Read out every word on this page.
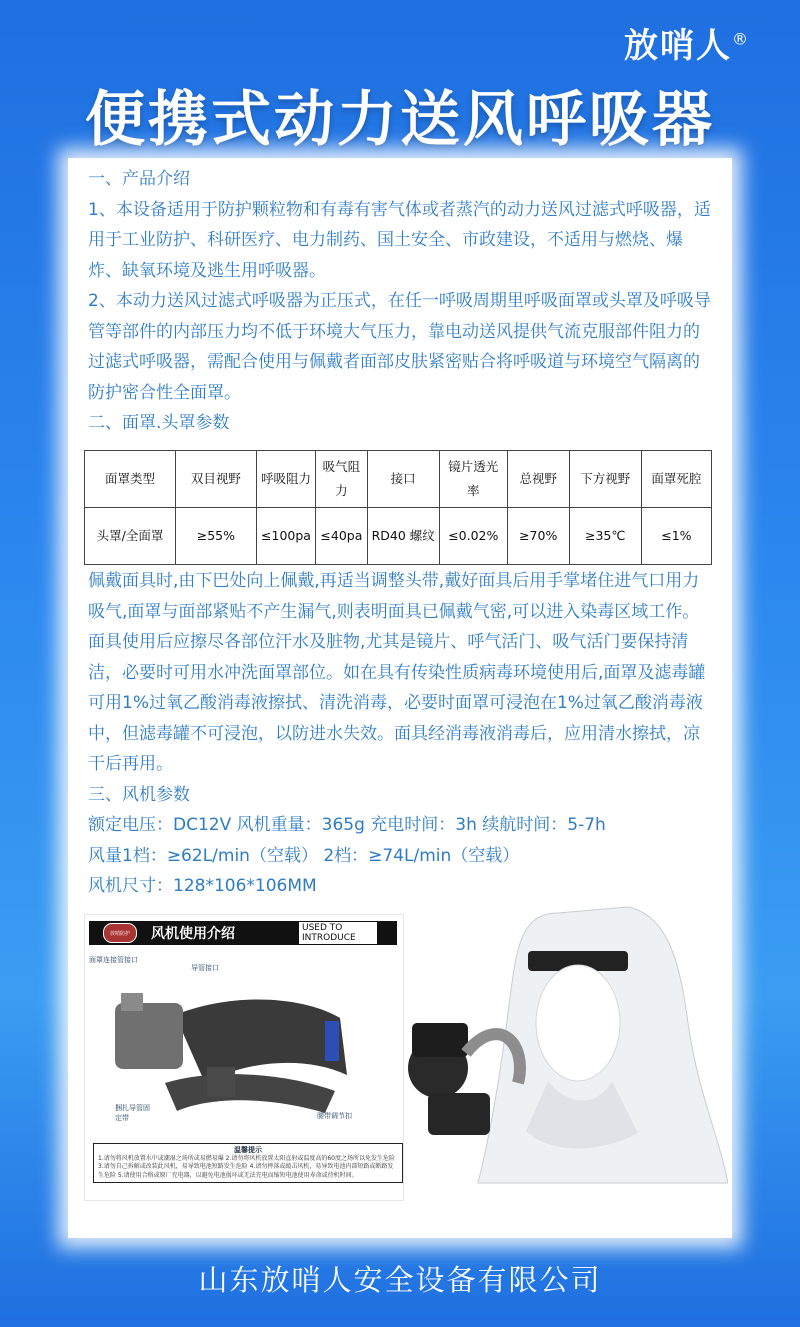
放哨人®
便携式动力送风呼吸器

一、产品介绍

1、本设备适用于防护颗粒物和有毒有害气体或者蒸汽的动力送风过滤式呼吸器，适用于工业防护、科研医疗、电力制药、国土安全、市政建设，不适用与燃烧、爆炸、缺氧环境及逃生用呼吸器。

2、本动力送风过滤式呼吸器为正压式，在任一呼吸周期里呼吸面罩或头罩及呼吸导管等部件的内部压力均不低于环境大气压力，靠电动送风提供气流克服部件阻力的过滤式呼吸器，需配合使用与佩戴者面部皮肤紧密贴合将呼吸道与环境空气隔离的防护密合性全面罩。

二、面罩.头罩参数

面罩类型	双目视野	呼吸阻力	吸气阻力	接口	镜片透光率	总视野	下方视野	面罩死腔
头罩/全面罩	≥55%	≤100pa	≤40pa	RD40 螺纹	≤0.02%	≥70%	≥35℃	≤1%

佩戴面具时,由下巴处向上佩戴,再适当调整头带,戴好面具后用手掌堵住进气口用力吸气,面罩与面部紧贴不产生漏气,则表明面具已佩戴气密,可以进入染毒区域工作。面具使用后应擦尽各部位汗水及脏物,尤其是镜片、呼气活门、吸气活门要保持清洁，必要时可用水冲洗面罩部位。如在具有传染性质病毒环境使用后,面罩及滤毒罐可用1%过氧乙酸消毒液擦拭、清洗消毒，必要时面罩可浸泡在1%过氧乙酸消毒液中，但滤毒罐不可浸泡，以防进水失效。面具经消毒液消毒后，应用清水擦拭，凉干后再用。

三、风机参数

额定电压：DC12V 风机重量：365g 充电时间：3h 续航时间：5-7h

风量1档：≥62L/min（空载） 2档：≥74L/min（空载）

风机尺寸：128*106*106MM

放哨防护	风机使用介绍	USED TO INTRODUCE
面罩连接管接口
导管接口
捆扎导管固定带	腰带调节扣
温馨提示
1.请勿将风机放置水中或潮湿之场所或易燃易爆 2.请勿将风机放置太阳直射或温度高的60度之场所以免发生危险 3.请勿自己拆解或改装此风机，易导致电池短路发生危险 4.请勿摔落或敲击风机，易导致电池内部短路或断路发生危险 5.请使用合格或原厂充电器，以避免电池损坏或无法充电而缩短电池使用寿命或待机时间。
山东放哨人安全设备有限公司
